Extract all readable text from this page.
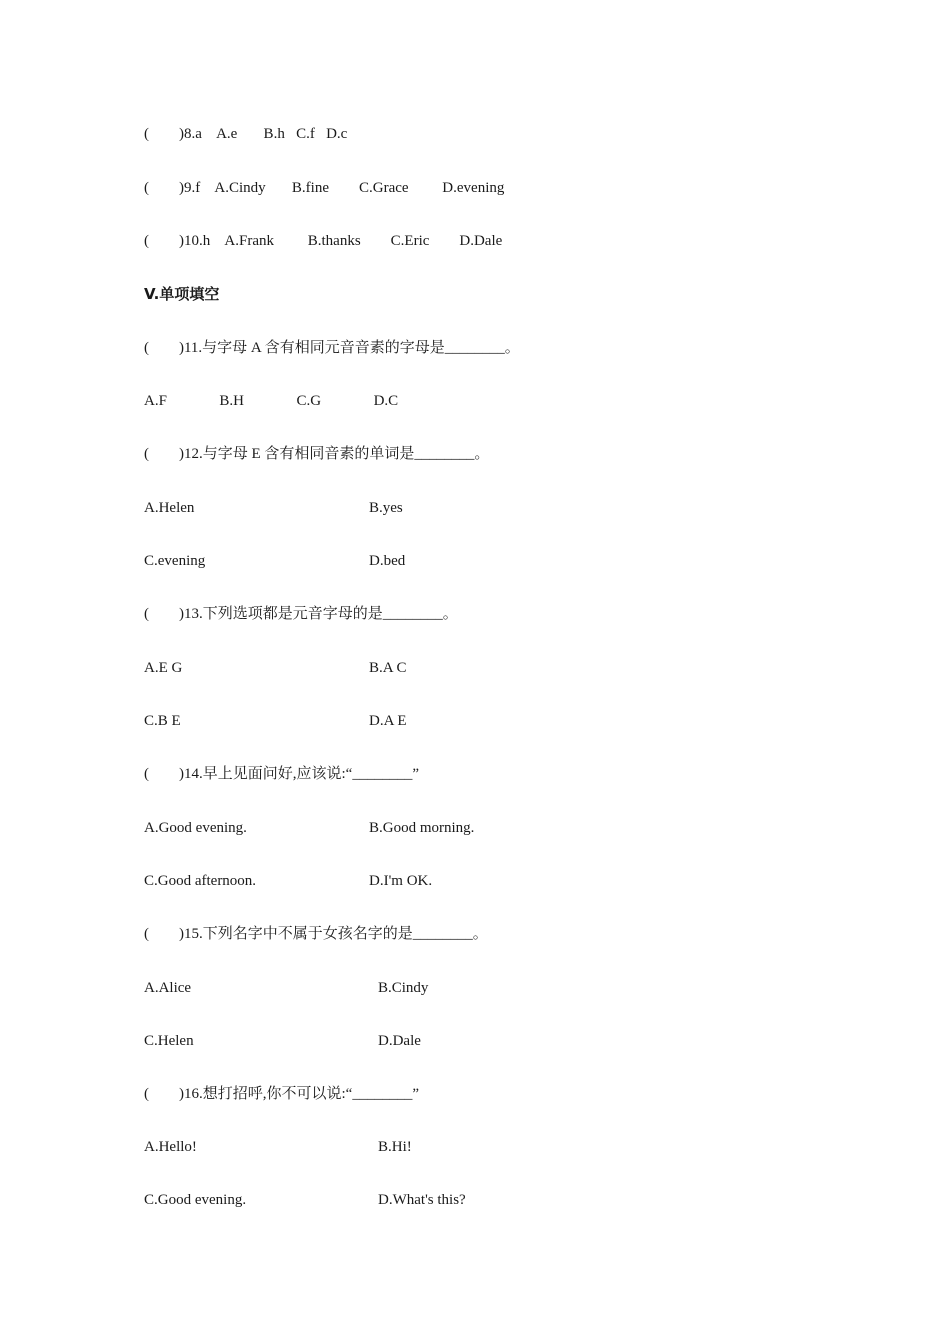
(        )8.a    A.e       B.h   C.f   D.c
(        )9.f    A.Cindy       B.fine        C.Grace         D.evening
(        )10.h    A.Frank         B.thanks        C.Eric        D.Dale
V.单项填空
(        )11.与字母 A 含有相同元音音素的字母是________。
A.F              B.H              C.G              D.C
(        )12.与字母 E 含有相同音素的单词是________。
A.Helen	B.yes
C.evening	D.bed
(        )13.下列选项都是元音字母的是________。
A.E G	B.A C
C.B E	D.A E
(        )14.早上见面问好,应该说:“________”
A.Good evening.	B.Good morning.
C.Good afternoon.	D.I'm OK.
(        )15.下列名字中不属于女孩名字的是________。
A.Alice	B.Cindy
C.Helen	D.Dale
(        )16.想打招呼,你不可以说:“________”
A.Hello!	B.Hi!
C.Good evening.	D.What's this?
